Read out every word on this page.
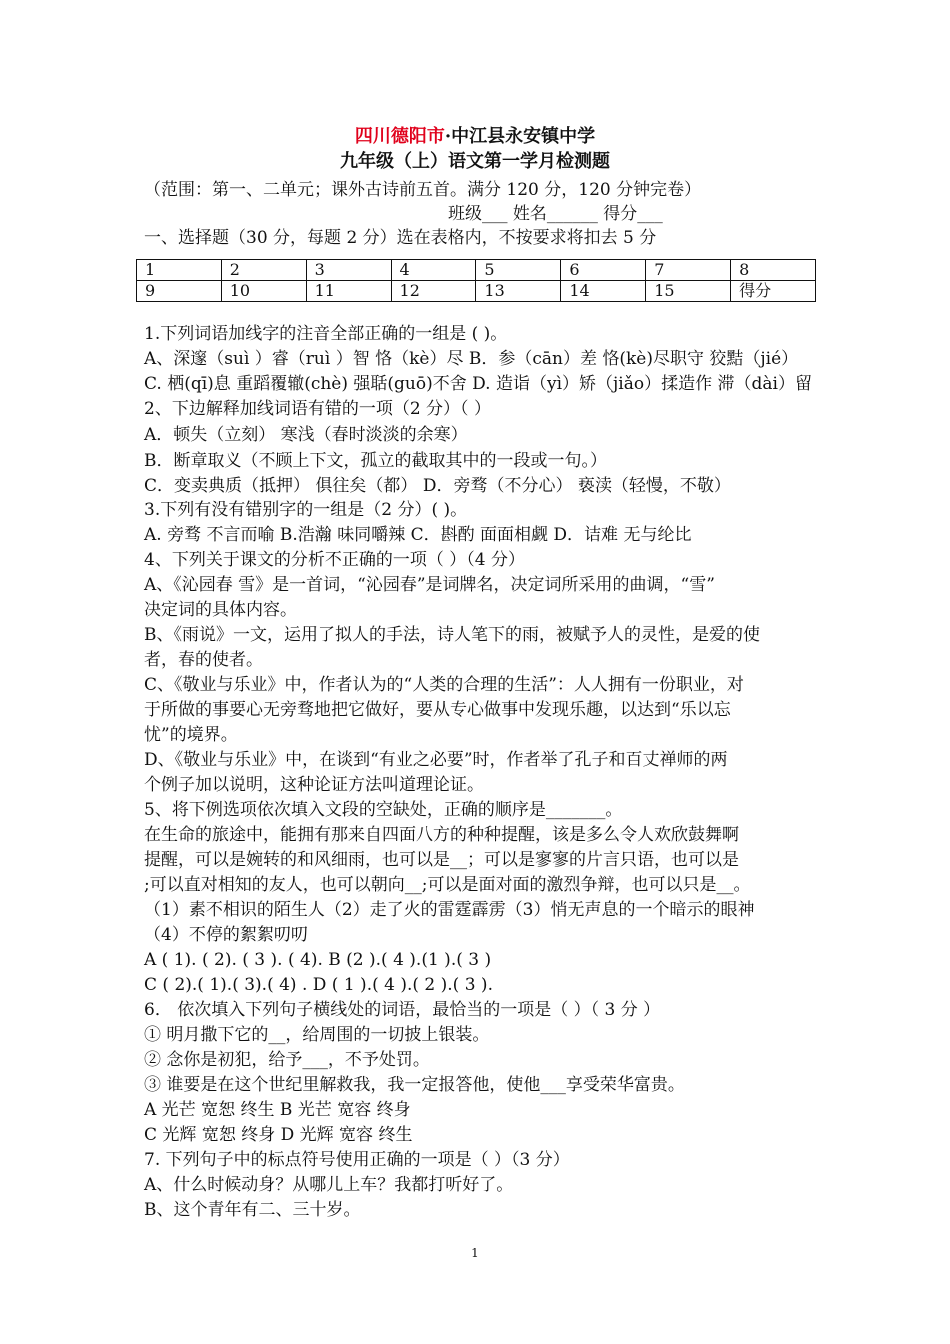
四川德阳市·中江县永安镇中学
九年级（上）语文第一学月检测题
（范围：第一、二单元；课外古诗前五首。满分 120 分，120 分钟完卷）
班级___ 姓名______ 得分___
一、选择题（30 分，每题 2 分）选在表格内，不按要求将扣去 5 分
1	2	3	4	5	6	7	8
9	10	11	12	13	14	15	得分
1.下列词语加线字的注音全部正确的一组是 ( )。
A、深邃（suì ）睿（ruì ）智 恪（kè）尽 B．参（cān）差 恪(kè)尽职守 狡黠（jié）
C. 栖(qī)息 重蹈覆辙(chè) 强聒(guō)不舍 D. 造诣（yì）矫（jiǎo）揉造作 滞（dài）留
2、下边解释加线词语有错的一项（2 分）（ ）
A．顿失（立刻） 寒浅（春时淡淡的余寒）
B．断章取义（不顾上下文，孤立的截取其中的一段或一句。）
C．变卖典质（抵押） 俱往矣（都） D．旁骛（不分心） 亵渎（轻慢，不敬）
3.下列有没有错别字的一组是（2 分）( )。
A. 旁骛 不言而喻 B.浩瀚 味同嚼辣 C．斟酌 面面相觑 D．诘难 无与纶比
4、下列关于课文的分析不正确的一项（ ）（4 分）
A、《沁园春 雪》是一首词，“沁园春”是词牌名，决定词所采用的曲调，“雪”
决定词的具体内容。
B、《雨说》一文，运用了拟人的手法，诗人笔下的雨，被赋予人的灵性，是爱的使
者，春的使者。
C、《敬业与乐业》中，作者认为的“人类的合理的生活”：人人拥有一份职业，对
于所做的事要心无旁骛地把它做好，要从专心做事中发现乐趣，以达到“乐以忘
忧”的境界。
D、《敬业与乐业》中，在谈到“有业之必要”时，作者举了孔子和百丈禅师的两
个例子加以说明，这种论证方法叫道理论证。
5、将下例选项依次填入文段的空缺处，正确的顺序是_______。
在生命的旅途中，能拥有那来自四面八方的种种提醒，该是多么令人欢欣鼓舞啊
提醒，可以是婉转的和风细雨，也可以是__；可以是寥寥的片言只语，也可以是
;可以直对相知的友人，也可以朝向__;可以是面对面的激烈争辩，也可以只是__。
（1）素不相识的陌生人（2）走了火的雷霆霹雳（3）悄无声息的一个暗示的眼神
（4）不停的絮絮叨叨
A ( 1). ( 2). ( 3 ). ( 4). B (2 ).( 4 ).(1 ).( 3 )
C ( 2).( 1).( 3).( 4) . D ( 1 ).( 4 ).( 2 ).( 3 ).
6． 依次填入下列句子横线处的词语，最恰当的一项是（ ）（ 3 分 ）
① 明月撒下它的__，给周围的一切披上银装。
② 念你是初犯，给予___，不予处罚。
③ 谁要是在这个世纪里解救我，我一定报答他，使他___享受荣华富贵。
A 光芒 宽恕 终生 B 光芒 宽容 终身
C 光辉 宽恕 终身 D 光辉 宽容 终生
7. 下列句子中的标点符号使用正确的一项是（ ）（3 分）
A、什么时候动身？从哪儿上车？我都打听好了。
B、这个青年有二、三十岁。
1
